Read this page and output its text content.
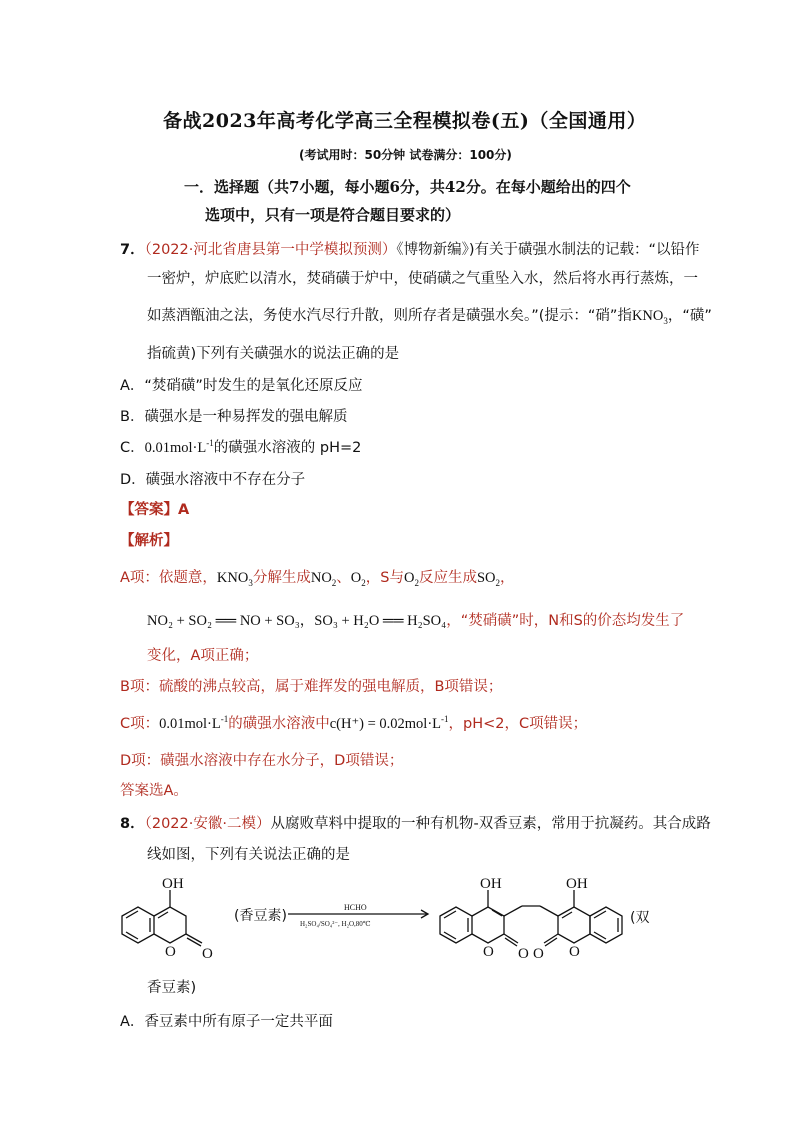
备战2023年高考化学高三全程模拟卷(五)（全国通用）
(考试用时：50分钟 试卷满分：100分)
一．选择题（共7小题，每小题6分，共42分。在每小题给出的四个
选项中，只有一项是符合题目要求的）
7．（2022·河北省唐县第一中学模拟预测）《博物新编》)有关于磺强水制法的记载：“以铅作
一密炉，炉底贮以清水，焚硝磺于炉中，使硝磺之气重坠入水，然后将水再行蒸炼，一
如蒸酒甑油之法，务使水汽尽行升散，则所存者是磺强水矣。”(提示：“硝”指$KNO_3$，“磺”
指硫黄)下列有关磺强水的说法正确的是
A．“焚硝磺”时发生的是氧化还原反应
B．磺强水是一种易挥发的强电解质
C．$0.01mol\cdot L^{-1}$的磺强水溶液的 pH=2
D．磺强水溶液中不存在分子
【答案】A
【解析】
A项：依题意，$KNO_3$分解生成$NO_2$、$O_2$，S与$O_2$反应生成$SO_2$，
NO₂ + SO₂ ══ NO + SO₃，SO₃ + H₂O ══ H₂SO₄，“焚硝磺”时，N和S的价态均发生了
变化，A项正确；
B项：硫酸的沸点较高，属于难挥发的强电解质，B项错误；
C项：$0.01mol\cdot L^{-1}$的磺强水溶液中$c(H^+) = 0.02mol\cdot L^{-1}$，pH<2，C项错误；
D项：磺强水溶液中存在水分子，D项错误；
答案选A。
8．（2022·安徽·二模）从腐败草料中提取的一种有机物-双香豆素，常用于抗凝药。其合成路
线如图，下列有关说法正确的是
OH
O O
OH	OH
O O O O
(香豆素)
HCHO
H₂SO₄/SO₄²⁻, H₂O,80℃	(双
香豆素)
A．香豆素中所有原子一定共平面
